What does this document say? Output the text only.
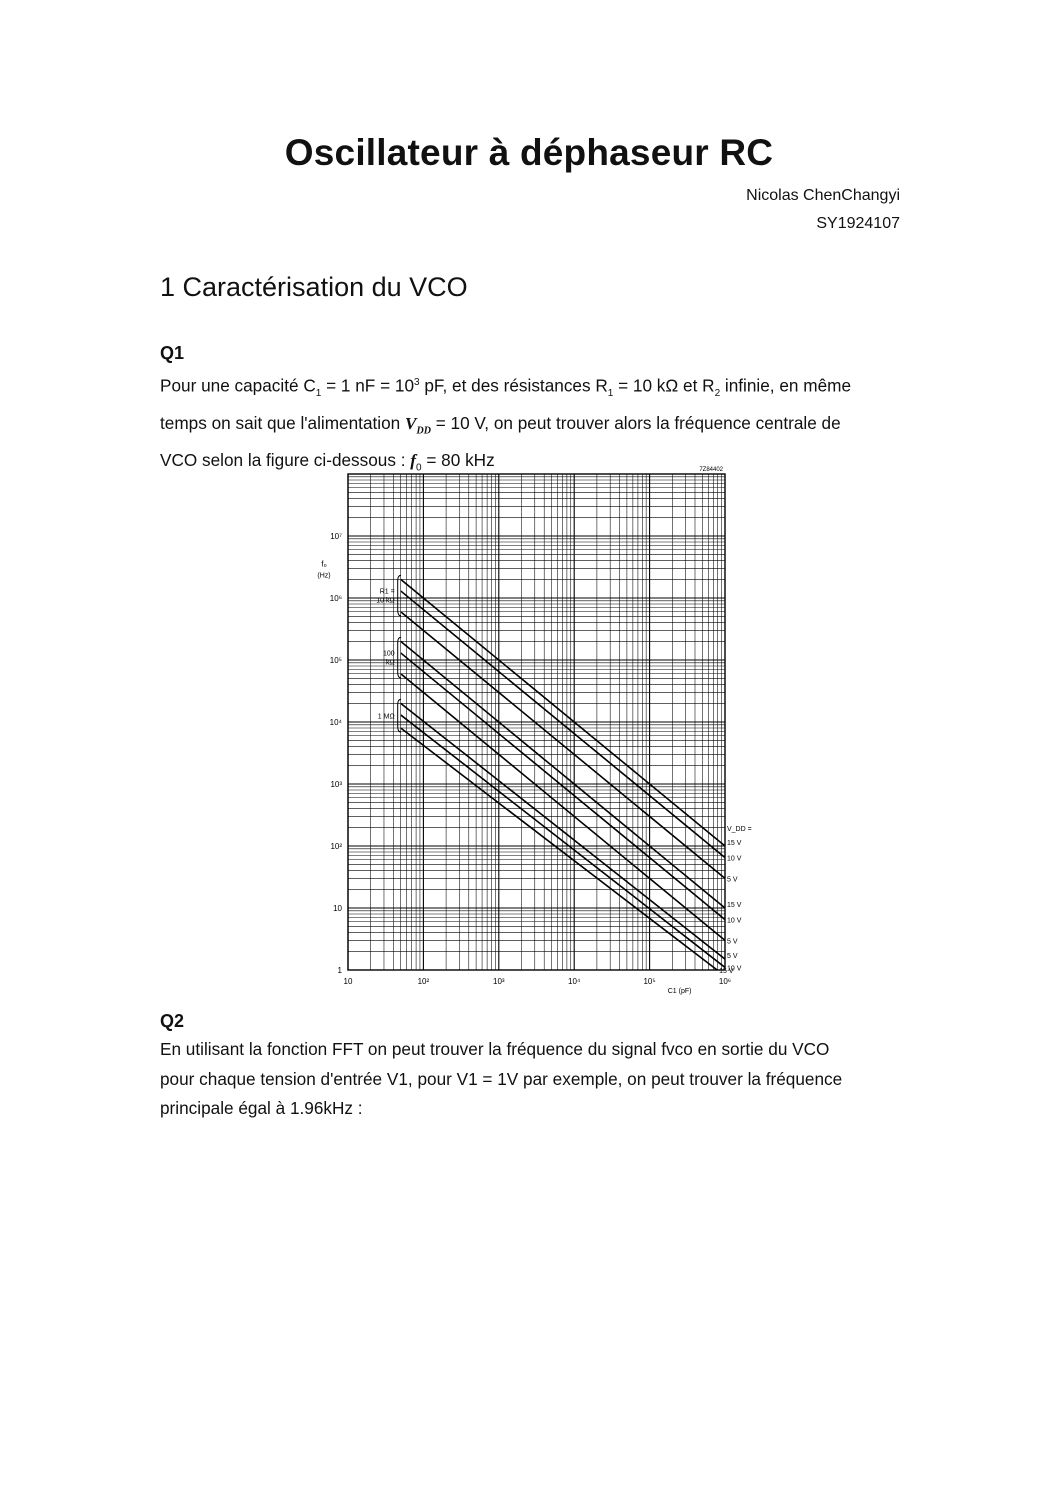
Oscillateur à déphaseur RC
Nicolas ChenChangyi
SY1924107
1 Caractérisation du VCO
Q1
Pour une capacité $C_1 = 1$ nF = $10^3$ pF, et des résistances $R_1 = 10$ kΩ et $R_2$ infinie, en même
temps on sait que l'alimentation $V_{DD} = 10$ V, on peut trouver alors la fréquence centrale de
VCO selon la figure ci-dessous : $f_0 = 80$ kHz
10	10²	10³	10⁴	10⁵	10⁶
1
10
10²
10³
10⁴
10⁵
10⁶
10⁷
7Z84402
f₀
(Hz)
C1 (pF)
V_DD =
15 V
10 V
5 V
R1 =
10 kΩ
15 V
10 V
5 V
100
kΩ
5 V
10 V
15 V
1 MΩ
Q2
En utilisant la fonction FFT on peut trouver la fréquence du signal fvco en sortie du VCO
pour chaque tension d'entrée V1, pour V1 = 1V par exemple, on peut trouver la fréquence
principale égal à 1.96kHz :
